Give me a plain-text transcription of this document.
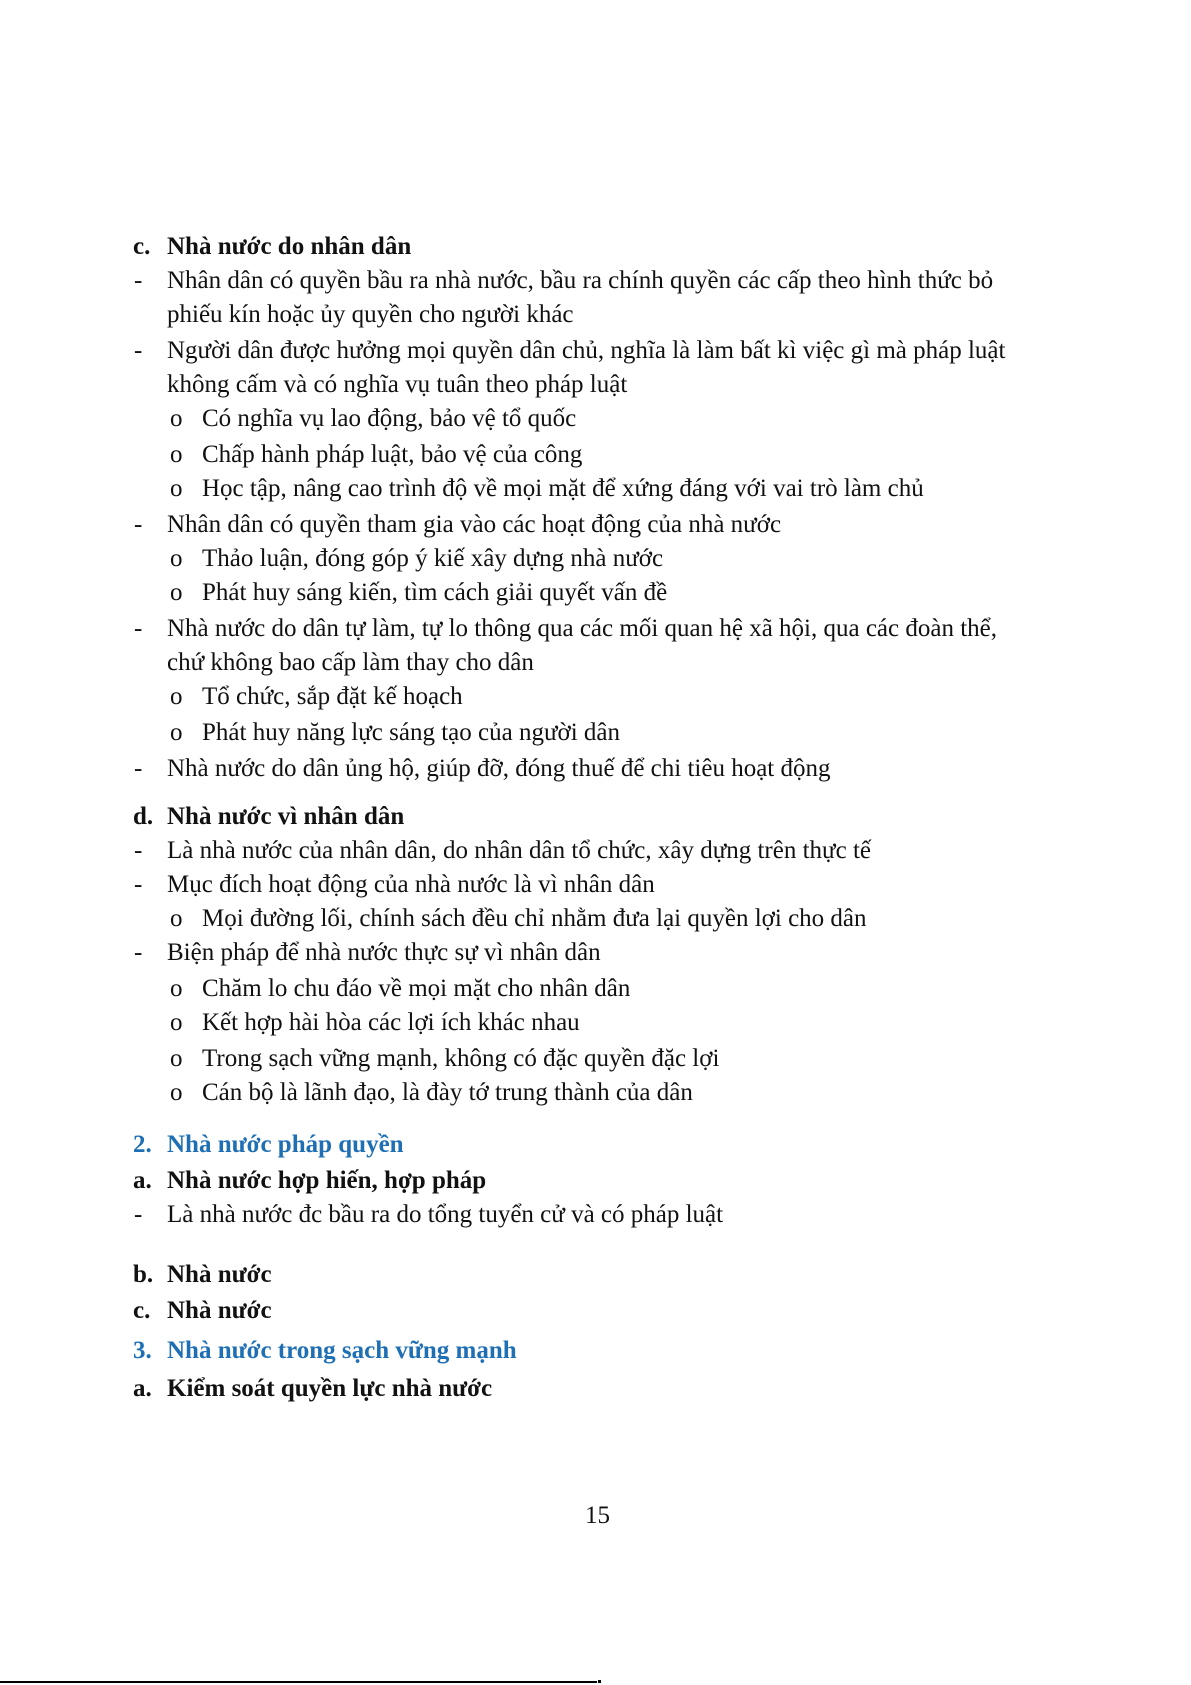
c. Nhà nước do nhân dân
- Nhân dân có quyền bầu ra nhà nước, bầu ra chính quyền các cấp theo hình thức bỏ
phiếu kín hoặc ủy quyền cho người khác
- Người dân được hưởng mọi quyền dân chủ, nghĩa là làm bất kì việc gì mà pháp luật
không cấm và có nghĩa vụ tuân theo pháp luật
o Có nghĩa vụ lao động, bảo vệ tổ quốc
o Chấp hành pháp luật, bảo vệ của công
o Học tập, nâng cao trình độ về mọi mặt để xứng đáng với vai trò làm chủ
- Nhân dân có quyền tham gia vào các hoạt động của nhà nước
o Thảo luận, đóng góp ý kiế xây dựng nhà nước
o Phát huy sáng kiến, tìm cách giải quyết vấn đề
- Nhà nước do dân tự làm, tự lo thông qua các mối quan hệ xã hội, qua các đoàn thể,
chứ không bao cấp làm thay cho dân
o Tổ chức, sắp đặt kế hoạch
o Phát huy năng lực sáng tạo của người dân
- Nhà nước do dân ủng hộ, giúp đỡ, đóng thuế để chi tiêu hoạt động
d. Nhà nước vì nhân dân
- Là nhà nước của nhân dân, do nhân dân tổ chức, xây dựng trên thực tế
- Mục đích hoạt động của nhà nước là vì nhân dân
o Mọi đường lối, chính sách đều chỉ nhằm đưa lại quyền lợi cho dân
- Biện pháp để nhà nước thực sự vì nhân dân
o Chăm lo chu đáo về mọi mặt cho nhân dân
o Kết hợp hài hòa các lợi ích khác nhau
o Trong sạch vững mạnh, không có đặc quyền đặc lợi
o Cán bộ là lãnh đạo, là đày tớ trung thành của dân
2. Nhà nước pháp quyền
a. Nhà nước hợp hiến, hợp pháp
- Là nhà nước đc bầu ra do tổng tuyển cử và có pháp luật
b. Nhà nước
c. Nhà nước
3. Nhà nước trong sạch vững mạnh
a. Kiểm soát quyền lực nhà nước
15
